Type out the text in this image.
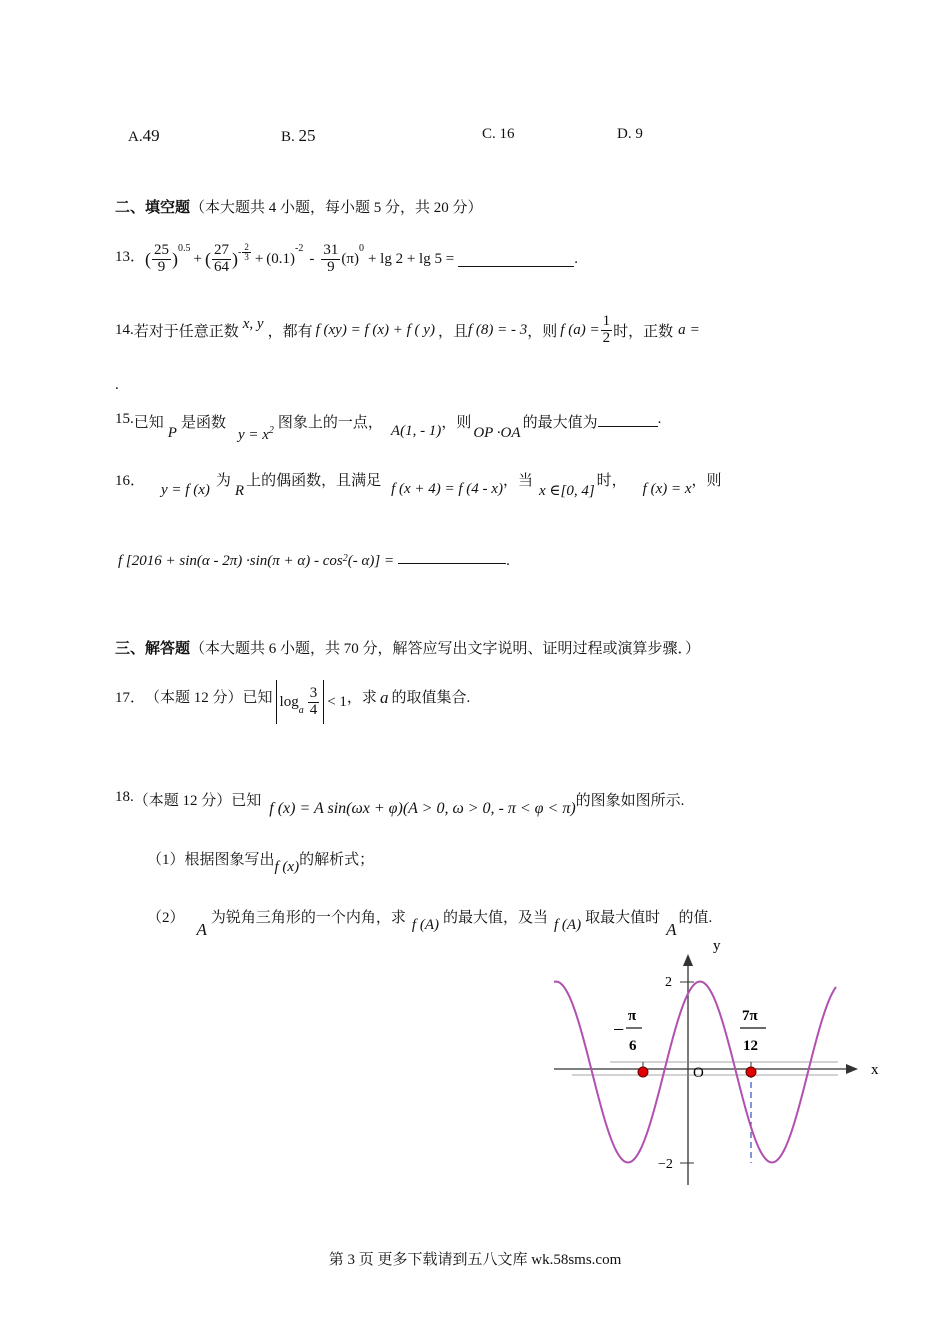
A.49	B. 25	C. 16	D. 9
二、填空题（本大题共 4 小题，每小题 5 分，共 20 分）
13． ( $\frac{25}{9}$ )
$^{0.5}$
+ ( $\frac{27}{64}$ ) - $\frac{2}{3} + (0.1)$
$^{-2}$
- $\frac{31}{9} (\pi)$
$^0$
+ lg 2 + lg 5 =	.
14. 若对于任意正数 x, y ，都有 f (xy) = f (x) + f ( y) ，且 f (8) = - 3 ，则 f $(a) = \frac{1}{2}$ 时，正数 a =
.
15. 已知
P
是函数
$y = x^2$ 图象上的一点， A(1, - 1) ，则
OP ·OA
的最大值为	.
16．
y = f (x)
为
R
上的偶函数，且满足 f (x + 4) = f (4 - x) ，当
x ∈[0, 4]
时， f (x) = x ，则
f [$2016 + \sin(\alpha - 2\pi) \cdot\sin(\pi + \alpha) - \cos^2$ (- α)] =	.
三、解答题（本大题共 6 小题，共 70 分，解答应写出文字说明、证明过程或演算步骤．）
17． （本题 12 分）已知 log
$_a \frac{3}{4} < 1$ ，求 a 的取值集合.
18. （本题 12 分）已知 f (x) = A sin(ωx + φ)(A > 0, ω > 0, - π < φ < π) 的图象如图所示.
（1）根据图象写出 f (x) 的解析式；
（2）
A
为锐角三角形的一个内角，求 f (A) 的最大值，及当 f (A) 取最大值时
A
的值.
y
x
O
2
−2
−
π
6
7π
12
第 3 页 更多下载请到五八文库 wk.58sms.com
